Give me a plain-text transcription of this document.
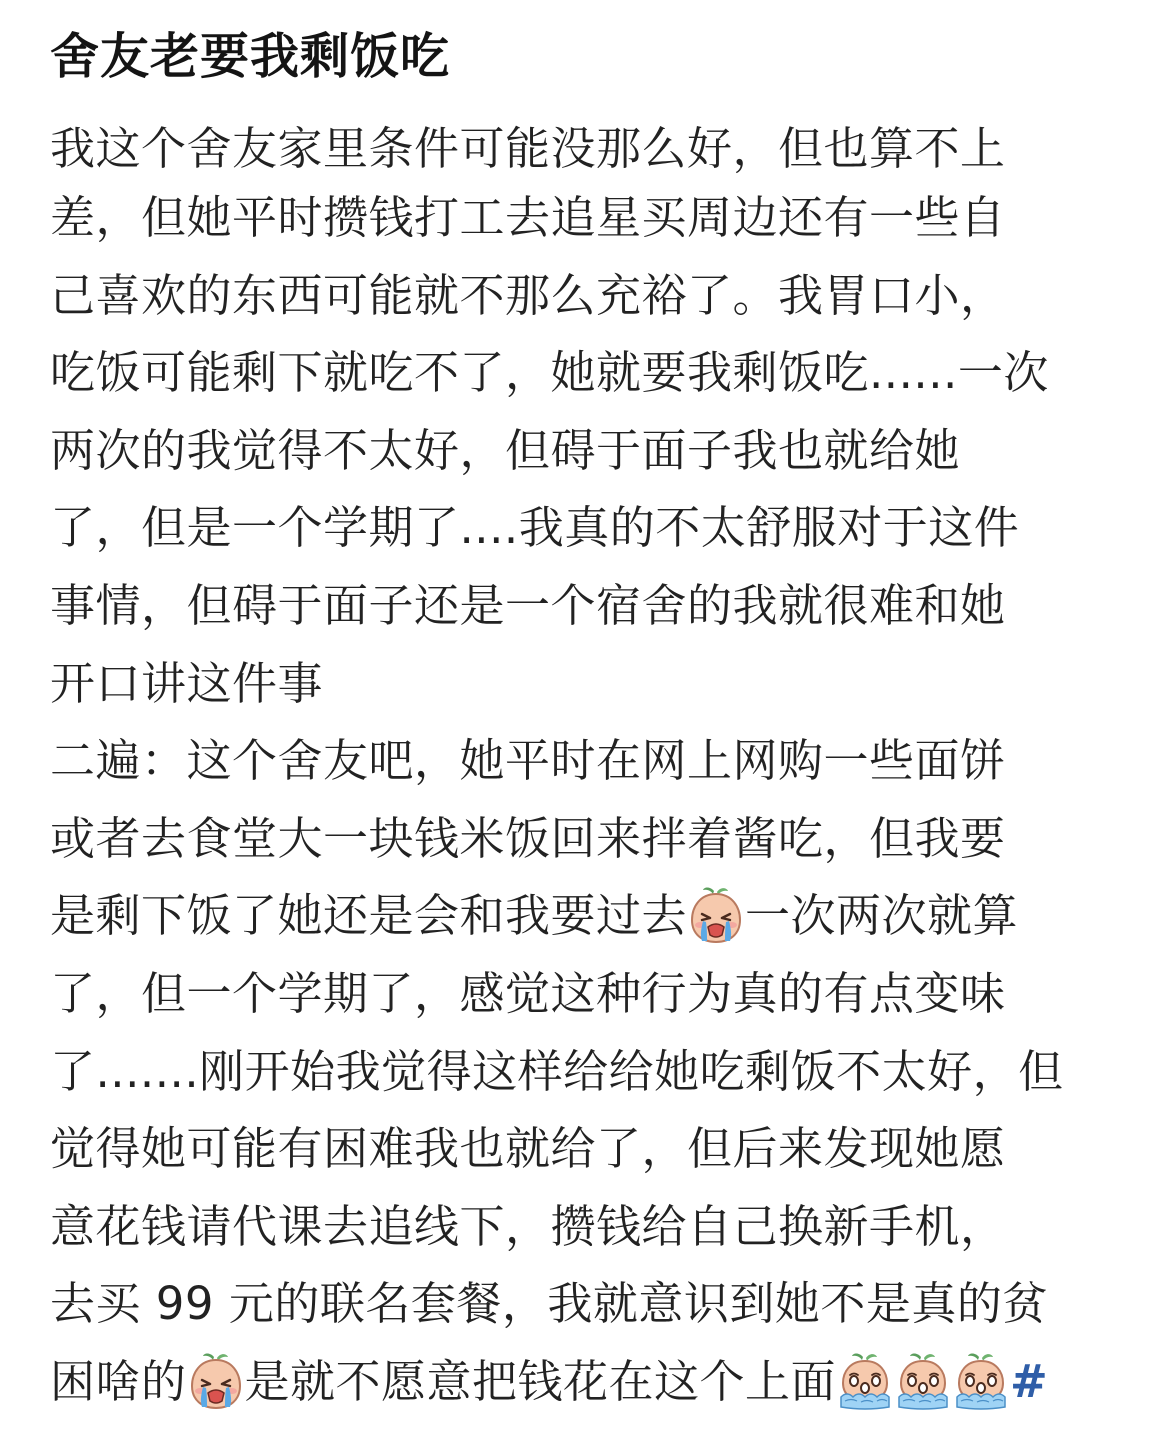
舍友老要我剩饭吃
我这个舍友家里条件可能没那么好，但也算不上
差，但她平时攒钱打工去追星买周边还有一些自
己喜欢的东西可能就不那么充裕了。我胃口小，
吃饭可能剩下就吃不了，她就要我剩饭吃......一次
两次的我觉得不太好，但碍于面子我也就给她
了，但是一个学期了....我真的不太舒服对于这件
事情，但碍于面子还是一个宿舍的我就很难和她
开口讲这件事
二遍：这个舍友吧，她平时在网上网购一些面饼
或者去食堂大一块钱米饭回来拌着酱吃，但我要
是剩下饭了她还是会和我要过去 一次两次就算
了，但一个学期了，感觉这种行为真的有点变味
了.......刚开始我觉得这样给给她吃剩饭不太好，但
觉得她可能有困难我也就给了，但后来发现她愿
意花钱请代课去追线下，攒钱给自己换新手机，
去买 99 元的联名套餐，我就意识到她不是真的贫
困啥的 是就不愿意把钱花在这个上面	#
